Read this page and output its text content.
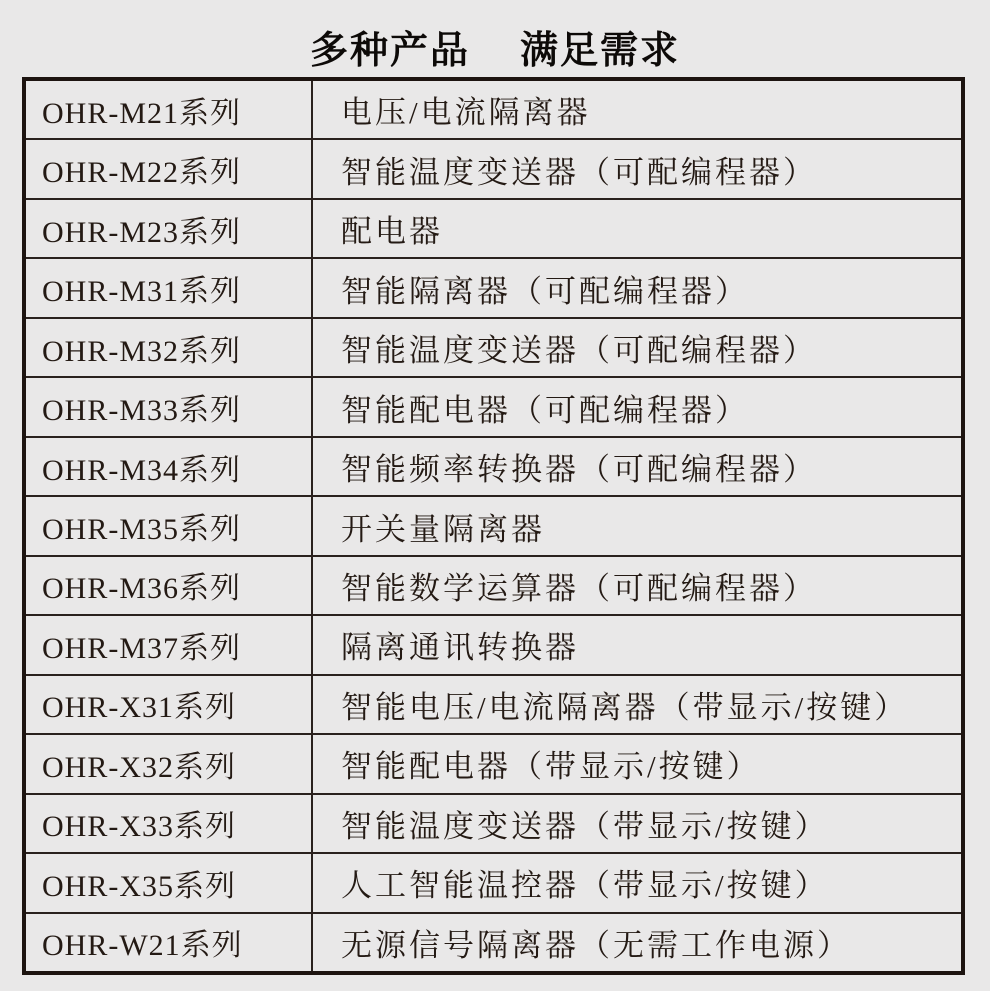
多种产品 满足需求
OHR-M21系列	电压/电流隔离器
OHR-M22系列	智能温度变送器（可配编程器）
OHR-M23系列	配电器
OHR-M31系列	智能隔离器（可配编程器）
OHR-M32系列	智能温度变送器（可配编程器）
OHR-M33系列	智能配电器（可配编程器）
OHR-M34系列	智能频率转换器（可配编程器）
OHR-M35系列	开关量隔离器
OHR-M36系列	智能数学运算器（可配编程器）
OHR-M37系列	隔离通讯转换器
OHR-X31系列	智能电压/电流隔离器（带显示/按键）
OHR-X32系列	智能配电器（带显示/按键）
OHR-X33系列	智能温度变送器（带显示/按键）
OHR-X35系列	人工智能温控器（带显示/按键）
OHR-W21系列	无源信号隔离器（无需工作电源）
